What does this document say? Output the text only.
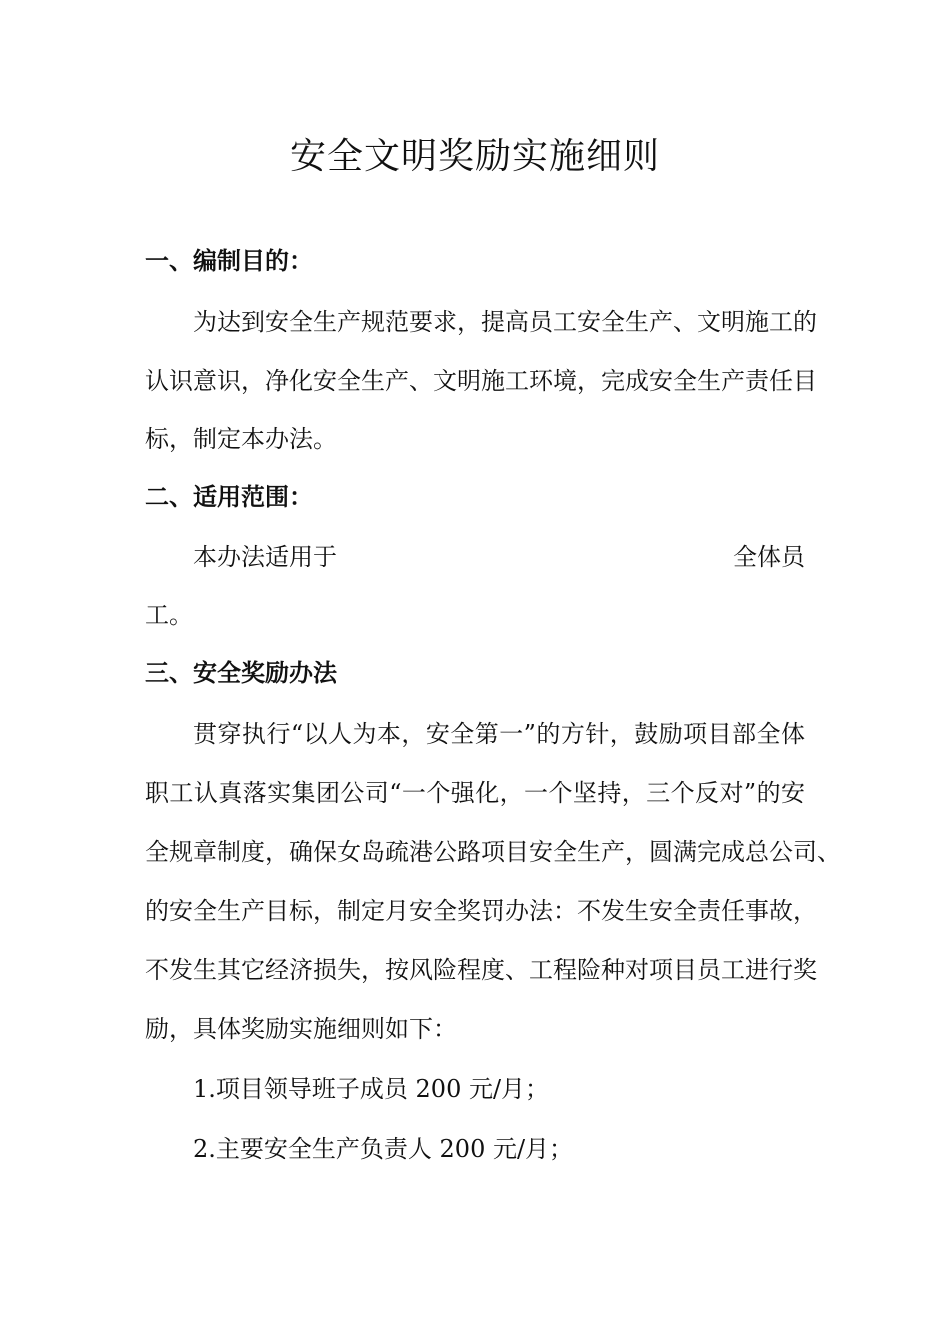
安全文明奖励实施细则
一、编制目的：

为达到安全生产规范要求，提高员工安全生产、文明施工的

认识意识，净化安全生产、文明施工环境，完成安全生产责任目

标，制定本办法。

二、适用范围：

本办法适用于	全体员

工。

三、安全奖励办法

贯穿执行“以人为本，安全第一”的方针，鼓励项目部全体

职工认真落实集团公司“一个强化，一个坚持，三个反对”的安

全规章制度，确保女岛疏港公路项目安全生产，圆满完成总公司、

的安全生产目标，制定月安全奖罚办法：不发生安全责任事故，

不发生其它经济损失，按风险程度、工程险种对项目员工进行奖

励，具体奖励实施细则如下：

1.项目领导班子成员 200 元/月；

2.主要安全生产负责人 200 元/月；
